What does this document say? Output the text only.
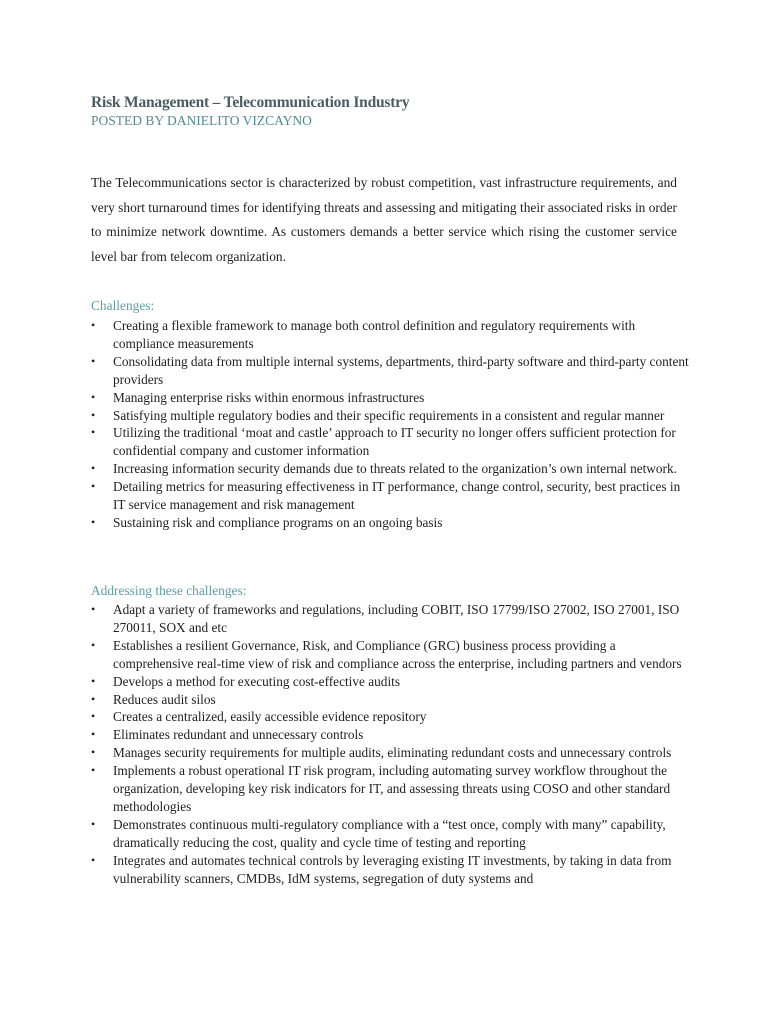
Risk Management – Telecommunication Industry
POSTED BY DANIELITO VIZCAYNO

The Telecommunications sector is characterized by robust competition, vast infrastructure requirements, and very short turnaround times for identifying threats and assessing and mitigating their associated risks in order to minimize network downtime. As customers demands a better service which rising the customer service level bar from telecom organization.

Challenges:
• Creating a flexible framework to manage both control definition and regulatory requirements with compliance measurements
• Consolidating data from multiple internal systems, departments, third-party software and third-party content providers
• Managing enterprise risks within enormous infrastructures
• Satisfying multiple regulatory bodies and their specific requirements in a consistent and regular manner
• Utilizing the traditional ‘moat and castle’ approach to IT security no longer offers sufficient protection for confidential company and customer information
• Increasing information security demands due to threats related to the organization’s own internal network.
• Detailing metrics for measuring effectiveness in IT performance, change control, security, best practices in IT service management and risk management
• Sustaining risk and compliance programs on an ongoing basis
Addressing these challenges:
• Adapt a variety of frameworks and regulations, including COBIT, ISO 17799/ISO 27002, ISO 27001, ISO 270011, SOX and etc
• Establishes a resilient Governance, Risk, and Compliance (GRC) business process providing a comprehensive real-time view of risk and compliance across the enterprise, including partners and vendors
• Develops a method for executing cost-effective audits
• Reduces audit silos
• Creates a centralized, easily accessible evidence repository
• Eliminates redundant and unnecessary controls
• Manages security requirements for multiple audits, eliminating redundant costs and unnecessary controls
• Implements a robust operational IT risk program, including automating survey workflow throughout the organization, developing key risk indicators for IT, and assessing threats using COSO and other standard methodologies
• Demonstrates continuous multi-regulatory compliance with a “test once, comply with many” capability, dramatically reducing the cost, quality and cycle time of testing and reporting
• Integrates and automates technical controls by leveraging existing IT investments, by taking in data from vulnerability scanners, CMDBs, IdM systems, segregation of duty systems and
